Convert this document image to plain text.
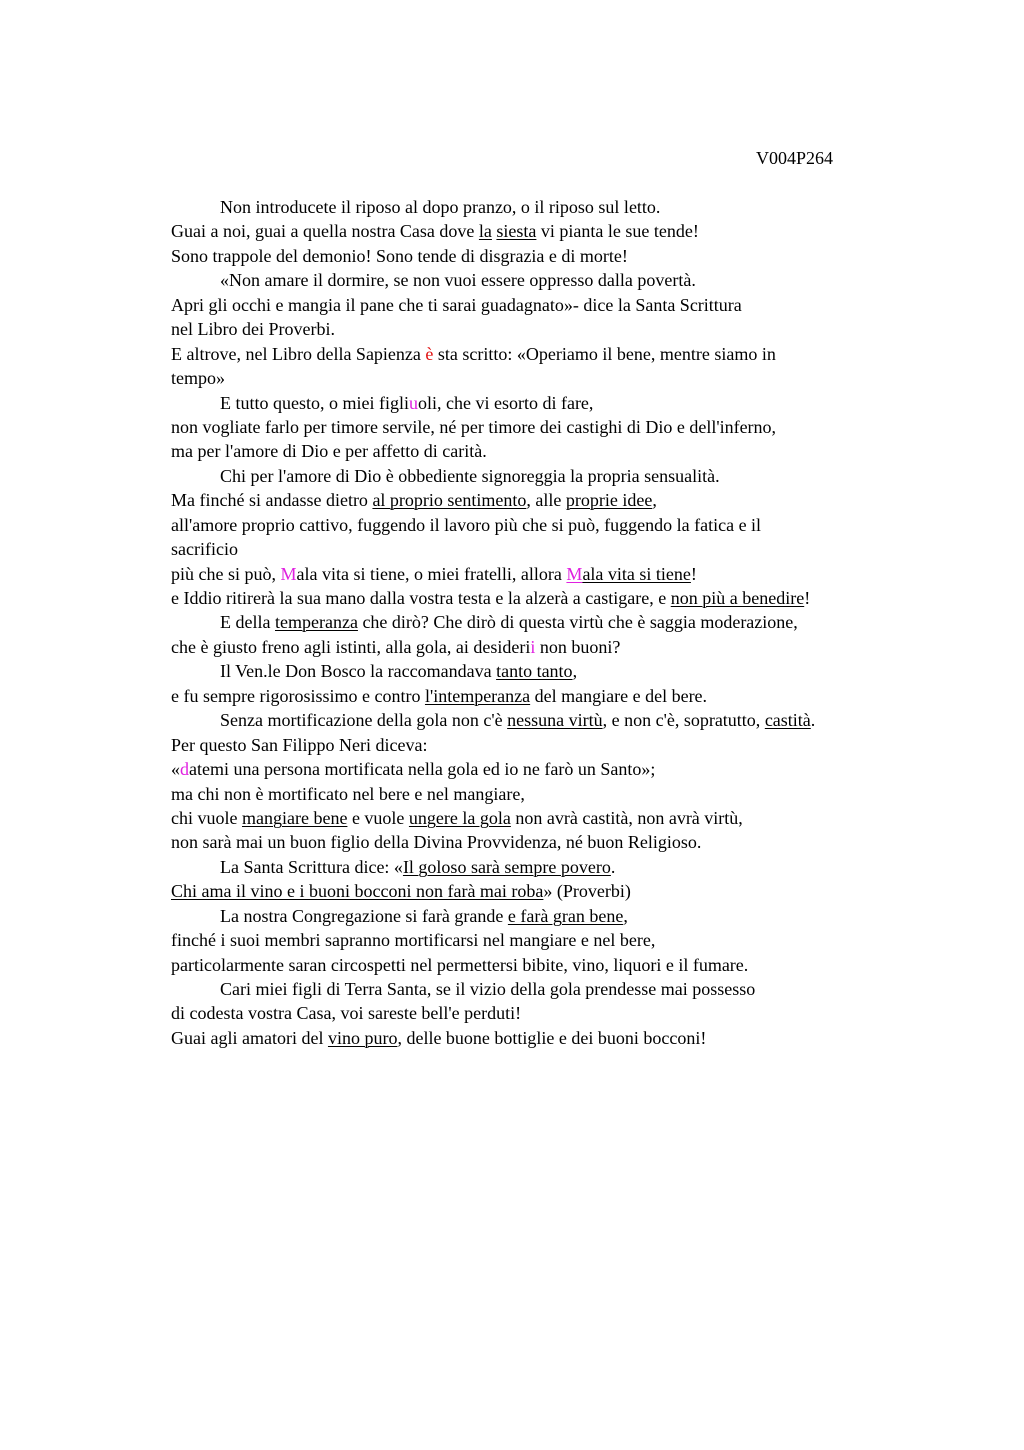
V004P264
Non introducete il riposo al dopo pranzo, o il riposo sul letto.
Guai a noi, guai a quella nostra Casa dove la siesta vi pianta le sue tende!
Sono trappole del demonio! Sono tende di disgrazia e di morte!
«Non amare il dormire, se non vuoi essere oppresso dalla povertà.
Apri gli occhi e mangia il pane che ti sarai guadagnato»- dice la Santa Scrittura
nel Libro dei Proverbi.
E altrove, nel Libro della Sapienza è sta scritto: «Operiamo il bene, mentre siamo in
tempo»
E tutto questo, o miei figliuoli, che vi esorto di fare,
non vogliate farlo per timore servile, né per timore dei castighi di Dio e dell'inferno,
ma per l'amore di Dio e per affetto di carità.
Chi per l'amore di Dio è obbediente signoreggia la propria sensualità.
Ma finché si andasse dietro al proprio sentimento, alle proprie idee,
all'amore proprio cattivo, fuggendo il lavoro più che si può, fuggendo la fatica e il
sacrificio
più che si può, Mala vita si tiene, o miei fratelli, allora Mala vita si tiene!
e Iddio ritirerà la sua mano dalla vostra testa e la alzerà a castigare, e non più a benedire!
E della temperanza che dirò? Che dirò di questa virtù che è saggia moderazione,
che è giusto freno agli istinti, alla gola, ai desiderii non buoni?
Il Ven.le Don Bosco la raccomandava tanto tanto,
e fu sempre rigorosissimo e contro l'intemperanza del mangiare e del bere.
Senza mortificazione della gola non c'è nessuna virtù, e non c'è, sopratutto, castità.
Per questo San Filippo Neri diceva:
«datemi una persona mortificata nella gola ed io ne farò un Santo»;
ma chi non è mortificato nel bere e nel mangiare,
chi vuole mangiare bene e vuole ungere la gola non avrà castità, non avrà virtù,
non sarà mai un buon figlio della Divina Provvidenza, né buon Religioso.
La Santa Scrittura dice: «Il goloso sarà sempre povero.
Chi ama il vino e i buoni bocconi non farà mai roba» (Proverbi)
La nostra Congregazione si farà grande e farà gran bene,
finché i suoi membri sapranno mortificarsi nel mangiare e nel bere,
particolarmente saran circospetti nel permettersi bibite, vino, liquori e il fumare.
Cari miei figli di Terra Santa, se il vizio della gola prendesse mai possesso
di codesta vostra Casa, voi sareste bell'e perduti!
Guai agli amatori del vino puro, delle buone bottiglie e dei buoni bocconi!
